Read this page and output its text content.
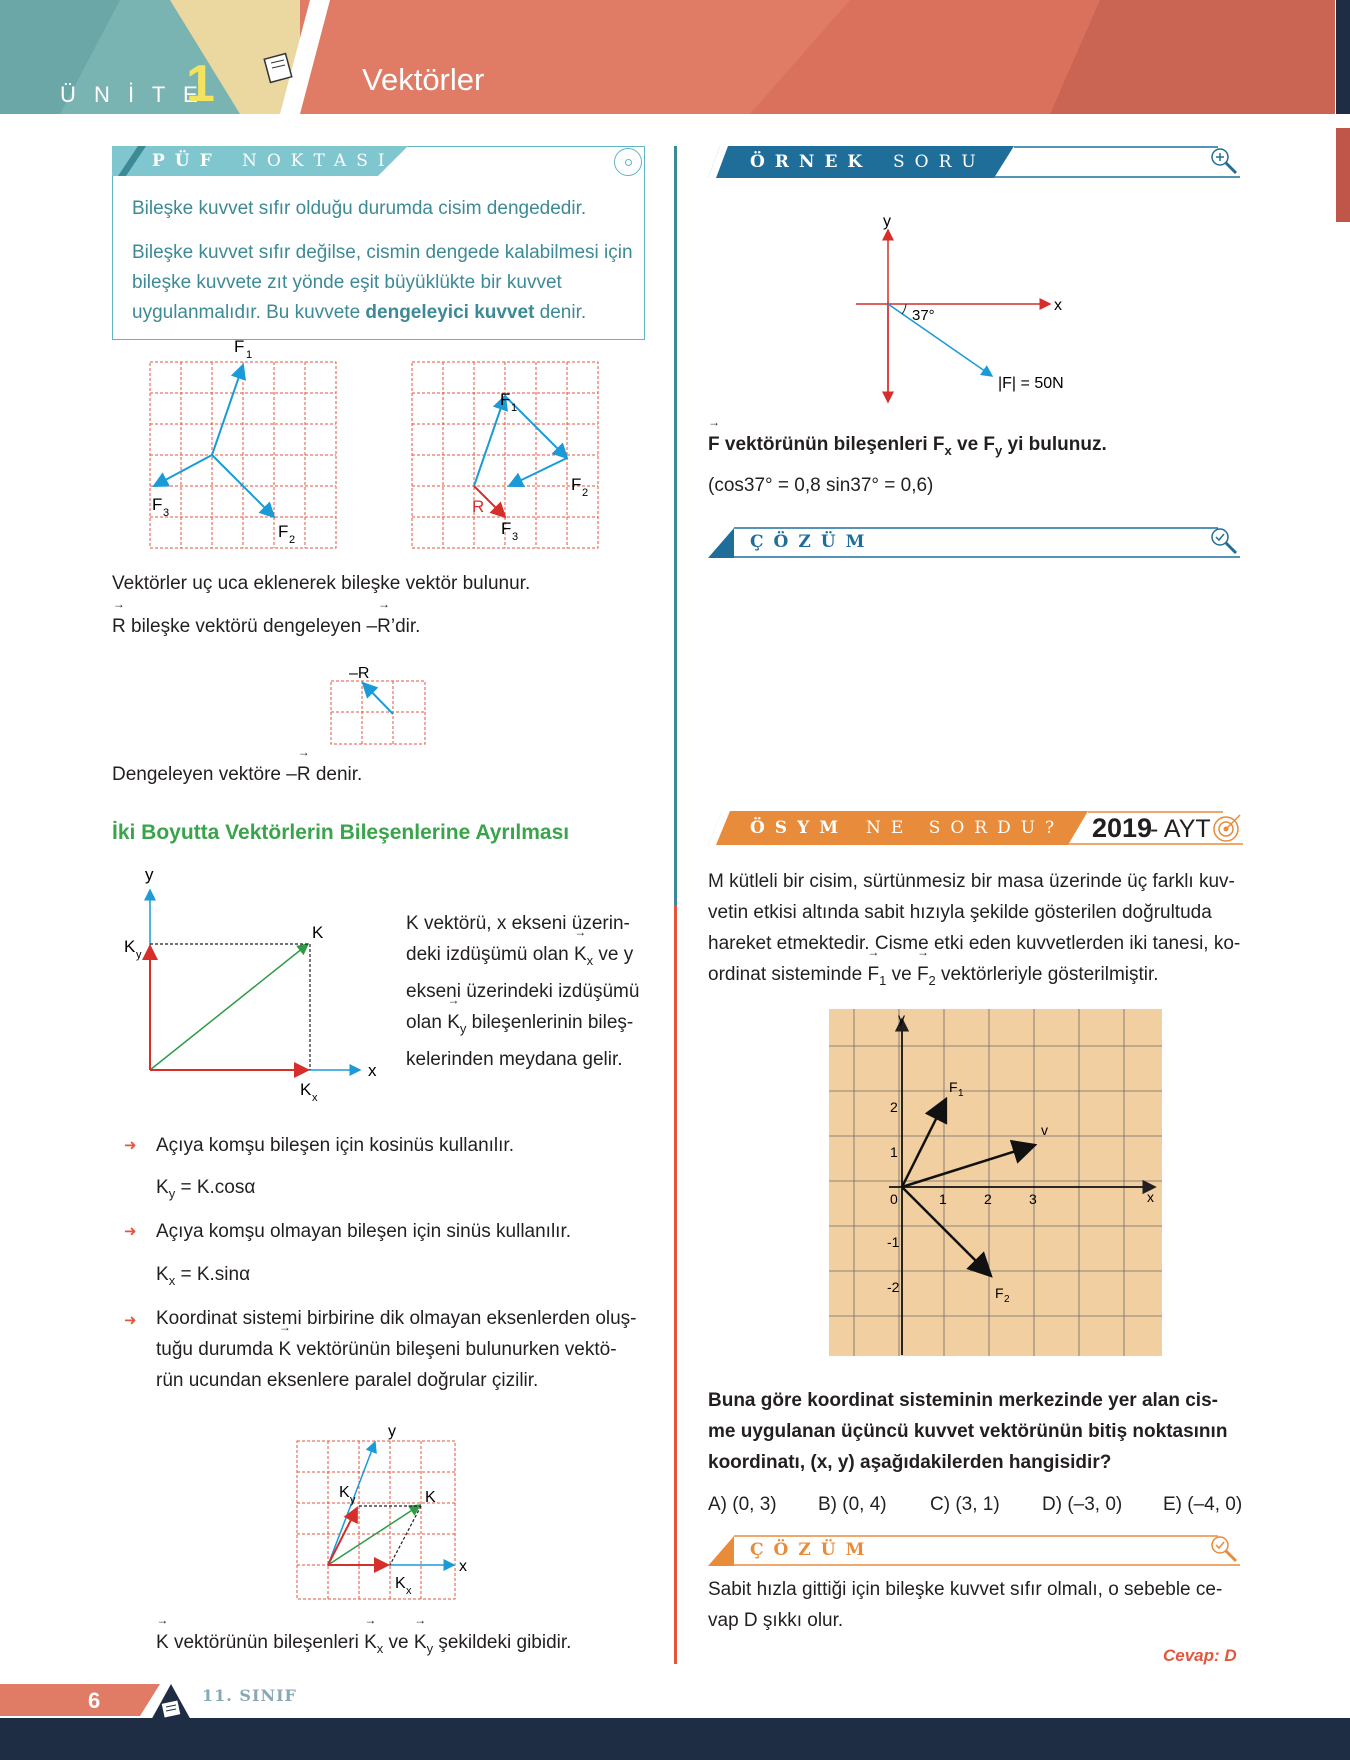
Ü N İ T E
1	Vektörler
PÜF NOKTASI
Bileşke kuvvet sıfır olduğu durumda cisim dengededir.
Bileşke kuvvet sıfır değilse, cismin dengede kalabilmesi için bileşke kuvvete zıt yönde eşit büyüklükte bir kuvvet uygulanmalıdır. Bu kuvvete dengeleyici kuvvet denir.
F 1
F 3
F 2
F 1
F 2
R
F 3
Vektörler uç uca eklenerek bileşke vektör bulunur.
→ R bileşke vektörü dengeleyen –→ R’dir.
–R
Dengeleyen vektöre –→ R denir.
İki Boyutta Vektörlerin Bileşenlerine Ayrılması
y
x
K
K y
K x
K vektörü, x ekseni üzerin-
deki izdüşümü olan → $K_x$ ve y
ekseni üzerindeki izdüşümü
olan → $K_y$ bileşenlerinin bileş-
kelerinden meydana gelir.
➜ Açıya komşu bileşen için kosinüs kullanılır.
$K_y = K.\cos\alpha$
➜ Açıya komşu olmayan bileşen için sinüs kullanılır.
$K_x = K.\sin\alpha$
➜ Koordinat sistemi birbirine dik olmayan eksenlerden oluş-
tuğu durumda → K vektörünün bileşeni bulunurken vektö-
rün ucundan eksenlere paralel doğrular çizilir.
y
x
K
K y
K x
→ K vektörünün bileşenleri → $K_x$ ve → $K_y$ şekildeki gibidir.
ÖRNEK SORU
y
x
37°
|F| = 50N
→ F vektörünün bileşenleri $F_x$ ve $F_y$ yi bulunuz.
(cos37° = 0,8 sin37° = 0,6)
ÇÖZÜM
ÖSYM NE SORDU? 2019
- AYT
M kütleli bir cisim, sürtünmesiz bir masa üzerinde üç farklı kuv-
vetin etkisi altında sabit hızıyla şekilde gösterilen doğrultuda
hareket etmektedir. Cisme etki eden kuvvetlerden iki tanesi, ko-
ordinat sisteminde → $F_1$ ve → $F_2$ vektörleriyle gösterilmiştir.
y
x
F 1
v
F 2
1	2	3
2
1
0
-1
-2
Buna göre koordinat sisteminin merkezinde yer alan cis-
me uygulanan üçüncü kuvvet vektörünün bitiş noktasının
koordinatı, (x, y) aşağıdakilerden hangisidir?
A) (0, 3) B) (0, 4) C) (3, 1) D) (–3, 0) E) (–4, 0)
ÇÖZÜM
Sabit hızla gittiği için bileşke kuvvet sıfır olmalı, o sebeble ce-
vap D şıkkı olur.
Cevap: D
6	11. SINIF
